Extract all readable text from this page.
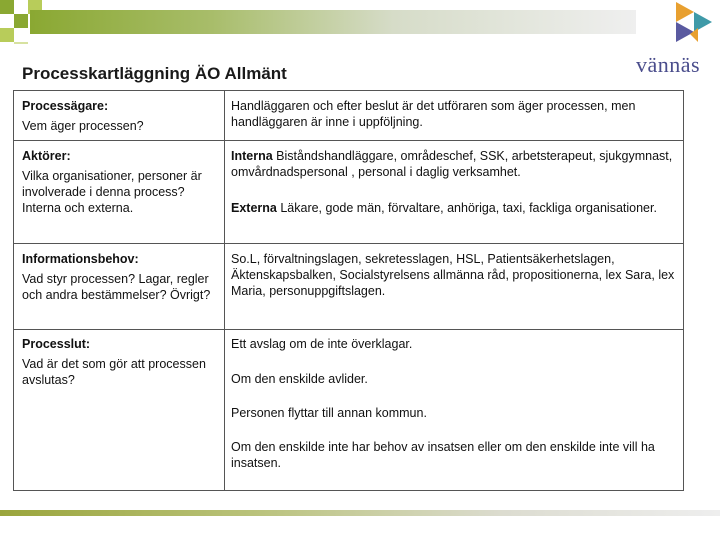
vännäs
Processkartläggning ÄO Allmänt
Processägare:
Vem äger processen?

Handläggaren och efter beslut är det utföraren som äger processen, men handläggaren är inne i uppföljning.

Aktörer:
Vilka organisationer, personer är involverade i denna process? Interna och externa.

Interna Biståndshandläggare, områdeschef, SSK, arbetsterapeut, sjukgymnast, omvårdnadspersonal , personal i daglig verksamhet.

Externa Läkare, gode män, förvaltare, anhöriga, taxi, fackliga organisationer.

Informationsbehov:
Vad styr processen? Lagar, regler och andra bestämmelser? Övrigt?

So.L, förvaltningslagen, sekretesslagen, HSL, Patientsäkerhetslagen, Äktenskapsbalken, Socialstyrelsens allmänna råd, propositionerna, lex Sara, lex Maria, personuppgiftslagen.

Processlut:
Vad är det som gör att processen avslutas?

Ett avslag om de inte överklagar.

Om den enskilde avlider.

Personen flyttar till annan kommun.

Om den enskilde inte har behov av insatsen eller om den enskilde inte vill ha insatsen.
